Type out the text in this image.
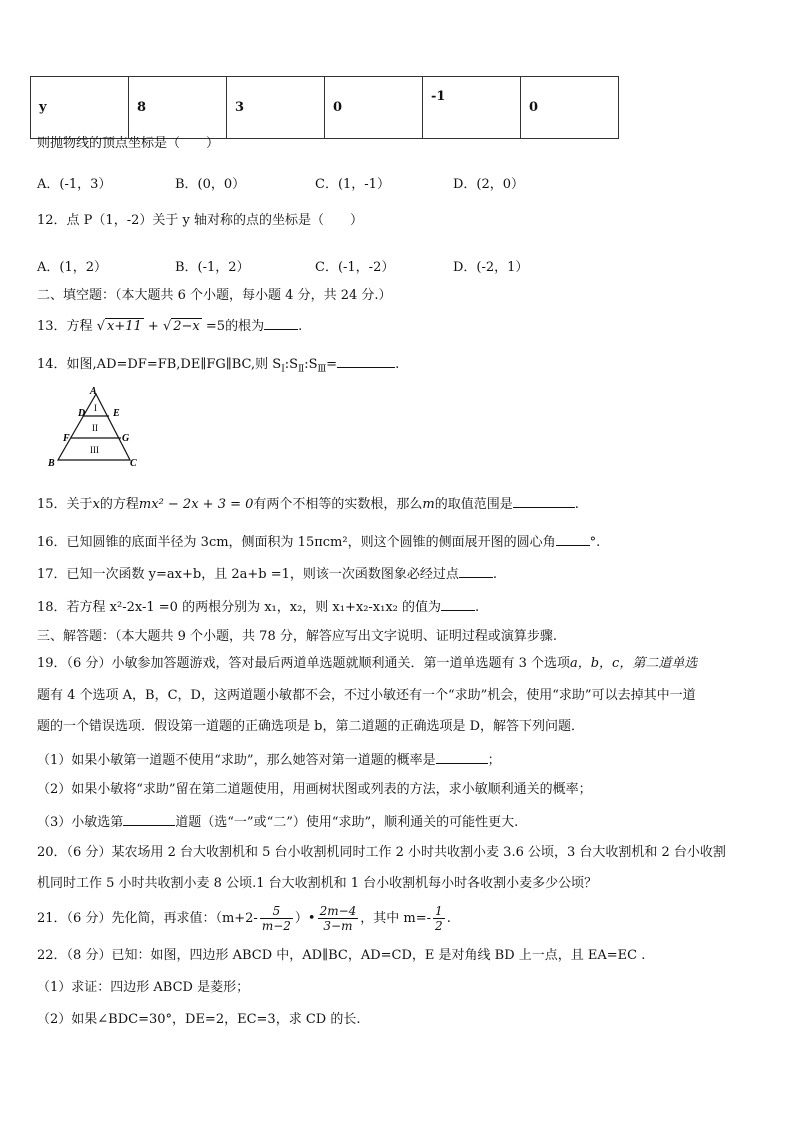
y	8	3	0	-1	0
则抛物线的顶点坐标是（　　）
A．(-1，3）	B．(0，0）	C．(1，-1）	D．(2，0）
12．点 P（1，-2）关于 y 轴对称的点的坐标是（　　）
A．(1，2）	B．(-1，2）	C．(-1，-2）	D．(-2，1）
二、填空题：（本大题共 6 个小题，每小题 4 分，共 24 分.）
13．方程 √ x+11 + √ 2−x =5的根为	.
14．如图,AD=DF=FB,DE∥FG∥BC,则 $S_Ⅰ:S_Ⅱ:S_Ⅲ=$	.
A
D	E
F	G
B	C
I
II
III
15．关于x的方程mx² − 2x + 3 = 0有两个不相等的实数根，那么m的取值范围是	.
16．已知圆锥的底面半径为 3cm，侧面积为 15πcm²，则这个圆锥的侧面展开图的圆心角	°.
17．已知一次函数 y=ax+b，且 2a+b =1，则该一次函数图象必经过点	.
18．若方程 x²-2x-1 =0 的两根分别为 x₁，x₂，则 x₁+x₂-x₁x₂ 的值为	.
三、解答题：（本大题共 9 个小题，共 78 分，解答应写出文字说明、证明过程或演算步骤.
19．（6 分）小敏参加答题游戏，答对最后两道单选题就顺利通关．第一道单选题有 3 个选项a，b，c，第二道单选
题有 4 个选项 A，B，C，D，这两道题小敏都不会，不过小敏还有一个“求助”机会，使用“求助”可以去掉其中一道
题的一个错误选项．假设第一道题的正确选项是 b，第二道题的正确选项是 D，解答下列问题．
（1）如果小敏第一道题不使用“求助”，那么她答对第一道题的概率是	；
（2）如果小敏将“求助”留在第二道题使用，用画树状图或列表的方法，求小敏顺利通关的概率；
（3）小敏选第	道题（选“一”或“二”）使用“求助”，顺利通关的可能性更大.
20．（6 分）某农场用 2 台大收割机和 5 台小收割机同时工作 2 小时共收割小麦 3.6 公顷，3 台大收割机和 2 台小收割
机同时工作 5 小时共收割小麦 8 公顷.1 台大收割机和 1 台小收割机每小时各收割小麦多少公顷？
21．（6 分）先化简，再求值：（$m+2- \frac{5}{m-2}$ ）• $\frac{2m-4}{3-m}$ ，其中 $m=- \frac{1}{2}$ .
22．（8 分）已知：如图，四边形 ABCD 中，AD∥BC，AD=CD，E 是对角线 BD 上一点，且 EA=EC .
（1）求证：四边形 ABCD 是菱形；
（2）如果∠BDC=30°，DE=2，EC=3，求 CD 的长.
